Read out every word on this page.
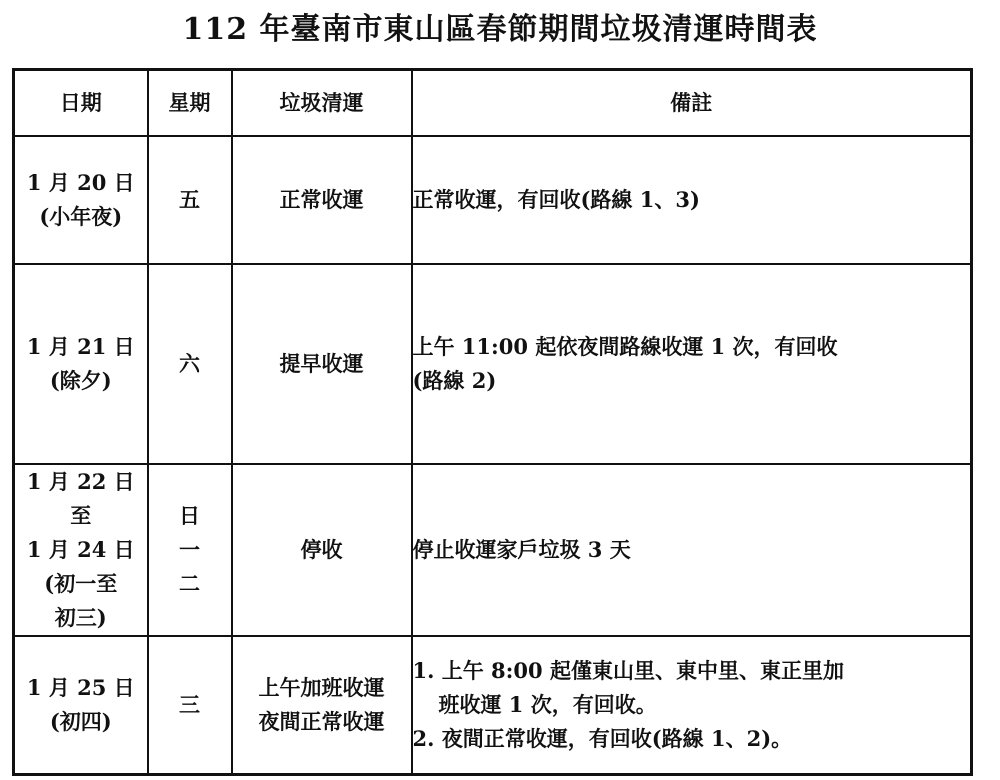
112 年臺南市東山區春節期間垃圾清運時間表
日期	星期	垃圾清運	備註

1 月 20 日
(小年夜)	五	正常收運	正常收運，有回收(路線 1、3)

1 月 21 日
(除夕)	六	提早收運	上午 11:00 起依夜間路線收運 1 次，有回收
(路線 2)

1 月 22 日
至
1 月 24 日
(初一至
初三)	日
一
二	停收	停止收運家戶垃圾 3 天

1 月 25 日
(初四)	三	上午加班收運
夜間正常收運	1. 上午 8:00 起僅東山里、東中里、東正里加
班收運 1 次，有回收。
2. 夜間正常收運，有回收(路線 1、2)。
